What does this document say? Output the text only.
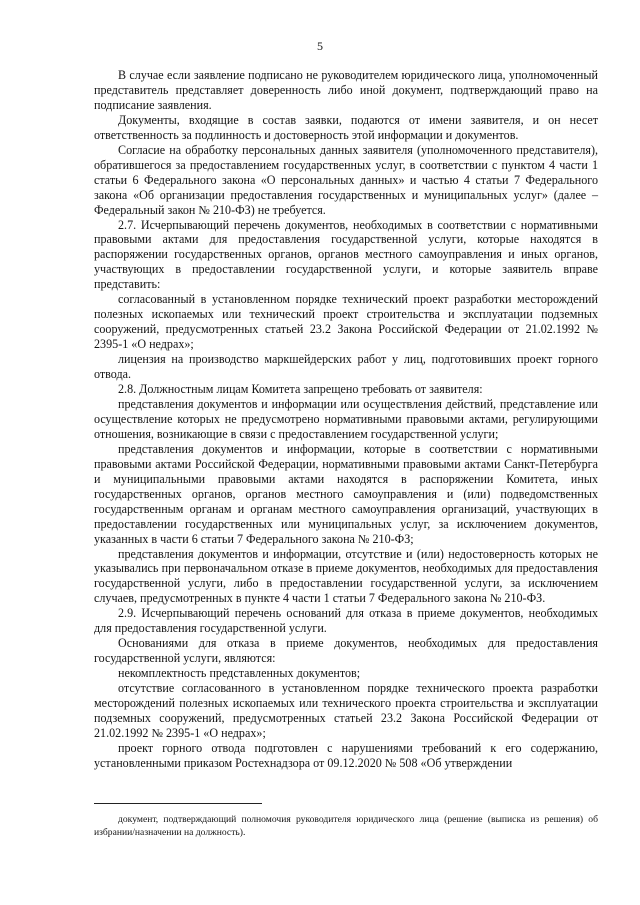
5

В случае если заявление подписано не руководителем юридического лица, уполномоченный представитель представляет доверенность либо иной документ, подтверждающий право на подписание заявления.

Документы, входящие в состав заявки, подаются от имени заявителя, и он несет ответственность за подлинность и достоверность этой информации и документов.

Согласие на обработку персональных данных заявителя (уполномоченного представителя), обратившегося за предоставлением государственных услуг, в соответствии с пунктом 4 части 1 статьи 6 Федерального закона «О персональных данных» и частью 4 статьи 7 Федерального закона «Об организации предоставления государственных и муниципальных услуг» (далее – Федеральный закон № 210-ФЗ) не требуется.

2.7. Исчерпывающий перечень документов, необходимых в соответствии с нормативными правовыми актами для предоставления государственной услуги, которые находятся в распоряжении государственных органов, органов местного самоуправления и иных органов, участвующих в предоставлении государственной услуги, и которые заявитель вправе представить:

согласованный в установленном порядке технический проект разработки месторождений полезных ископаемых или технический проект строительства и эксплуатации подземных сооружений, предусмотренных статьей 23.2 Закона Российской Федерации от 21.02.1992 № 2395-1 «О недрах»;

лицензия на производство маркшейдерских работ у лиц, подготовивших проект горного отвода.

2.8. Должностным лицам Комитета запрещено требовать от заявителя:

представления документов и информации или осуществления действий, представление или осуществление которых не предусмотрено нормативными правовыми актами, регулирующими отношения, возникающие в связи с предоставлением государственной услуги;

представления документов и информации, которые в соответствии с нормативными правовыми актами Российской Федерации, нормативными правовыми актами Санкт-Петербурга и муниципальными правовыми актами находятся в распоряжении Комитета, иных государственных органов, органов местного самоуправления и (или) подведомственных государственным органам и органам местного самоуправления организаций, участвующих в предоставлении государственных или муниципальных услуг, за исключением документов, указанных в части 6 статьи 7 Федерального закона № 210-ФЗ;

представления документов и информации, отсутствие и (или) недостоверность которых не указывались при первоначальном отказе в приеме документов, необходимых для предоставления государственной услуги, либо в предоставлении государственной услуги, за исключением случаев, предусмотренных в пункте 4 части 1 статьи 7 Федерального закона № 210-ФЗ.

2.9. Исчерпывающий перечень оснований для отказа в приеме документов, необходимых для предоставления государственной услуги.

Основаниями для отказа в приеме документов, необходимых для предоставления государственной услуги, являются:

некомплектность представленных документов;

отсутствие согласованного в установленном порядке технического проекта разработки месторождений полезных ископаемых или технического проекта строительства и эксплуатации подземных сооружений, предусмотренных статьей 23.2 Закона Российской Федерации от 21.02.1992 № 2395-1 «О недрах»;

проект горного отвода подготовлен с нарушениями требований к его содержанию, установленными приказом Ростехнадзора от 09.12.2020 № 508 «Об утверждении

документ, подтверждающий полномочия руководителя юридического лица (решение (выписка из решения) об избрании/назначении на должность).
